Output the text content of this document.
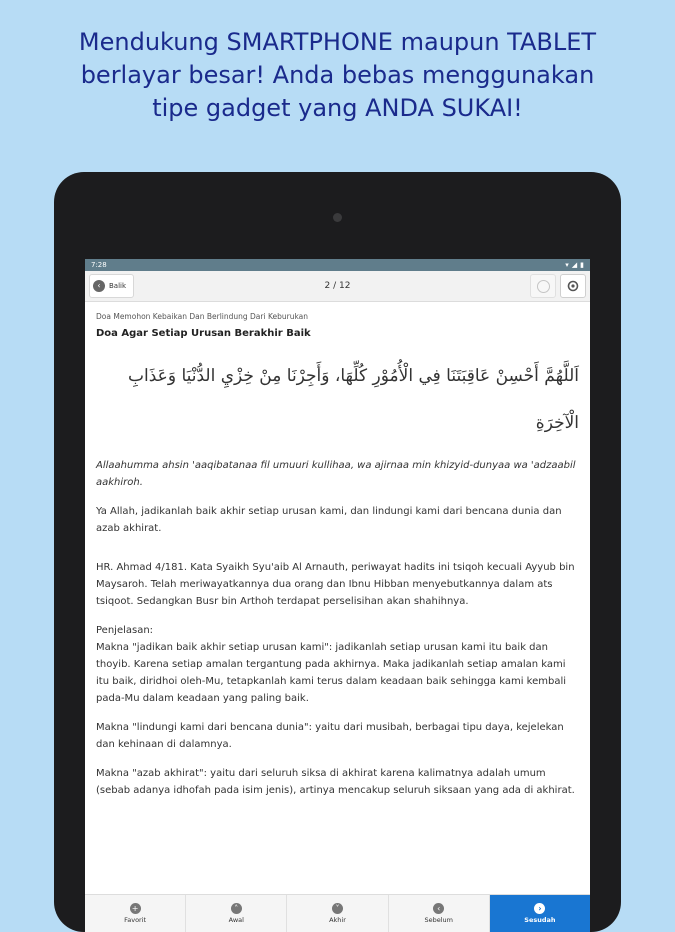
Mendukung SMARTPHONE maupun TABLET
berlayar besar! Anda bebas menggunakan
tipe gadget yang ANDA SUKAI!
7:28	▾ ◢ ▮
‹	Balik	2 / 12
Doa Memohon Kebaikan Dan Berlindung Dari Keburukan
Doa Agar Setiap Urusan Berakhir Baik
اَللَّهُمَّ أَحْسِنْ عَاقِبَتَنَا فِي الْأُمُوْرِ كُلِّهَا، وَأَجِرْنَا مِنْ خِزْيِ الدُّنْيَا وَعَذَابِ الْآخِرَةِ
Allaahumma ahsin 'aaqibatanaa fil umuuri kullihaa, wa ajirnaa min khizyid-dunyaa wa 'adzaabil aakhiroh.
Ya Allah, jadikanlah baik akhir setiap urusan kami, dan lindungi kami dari bencana dunia dan azab akhirat.
HR. Ahmad 4/181. Kata Syaikh Syu'aib Al Arnauth, periwayat hadits ini tsiqoh kecuali Ayyub bin Maysaroh. Telah meriwayatkannya dua orang dan Ibnu Hibban menyebutkannya dalam ats tsiqoot. Sedangkan Busr bin Arthoh terdapat perselisihan akan shahihnya.
Penjelasan:
Makna "jadikan baik akhir setiap urusan kami": jadikanlah setiap urusan kami itu baik dan thoyib. Karena setiap amalan tergantung pada akhirnya. Maka jadikanlah setiap amalan kami itu baik, diridhoi oleh-Mu, tetapkanlah kami terus dalam keadaan baik sehingga kami kembali pada-Mu dalam keadaan yang paling baik.
Makna "lindungi kami dari bencana dunia": yaitu dari musibah, berbagai tipu daya, kejelekan dan kehinaan di dalamnya.
Makna "azab akhirat": yaitu dari seluruh siksa di akhirat karena kalimatnya adalah umum (sebab adanya idhofah pada isim jenis), artinya mencakup seluruh siksaan yang ada di akhirat.
+
Favorit
˄
Awal
˅
Akhir
‹
Sebelum
›
Sesudah
